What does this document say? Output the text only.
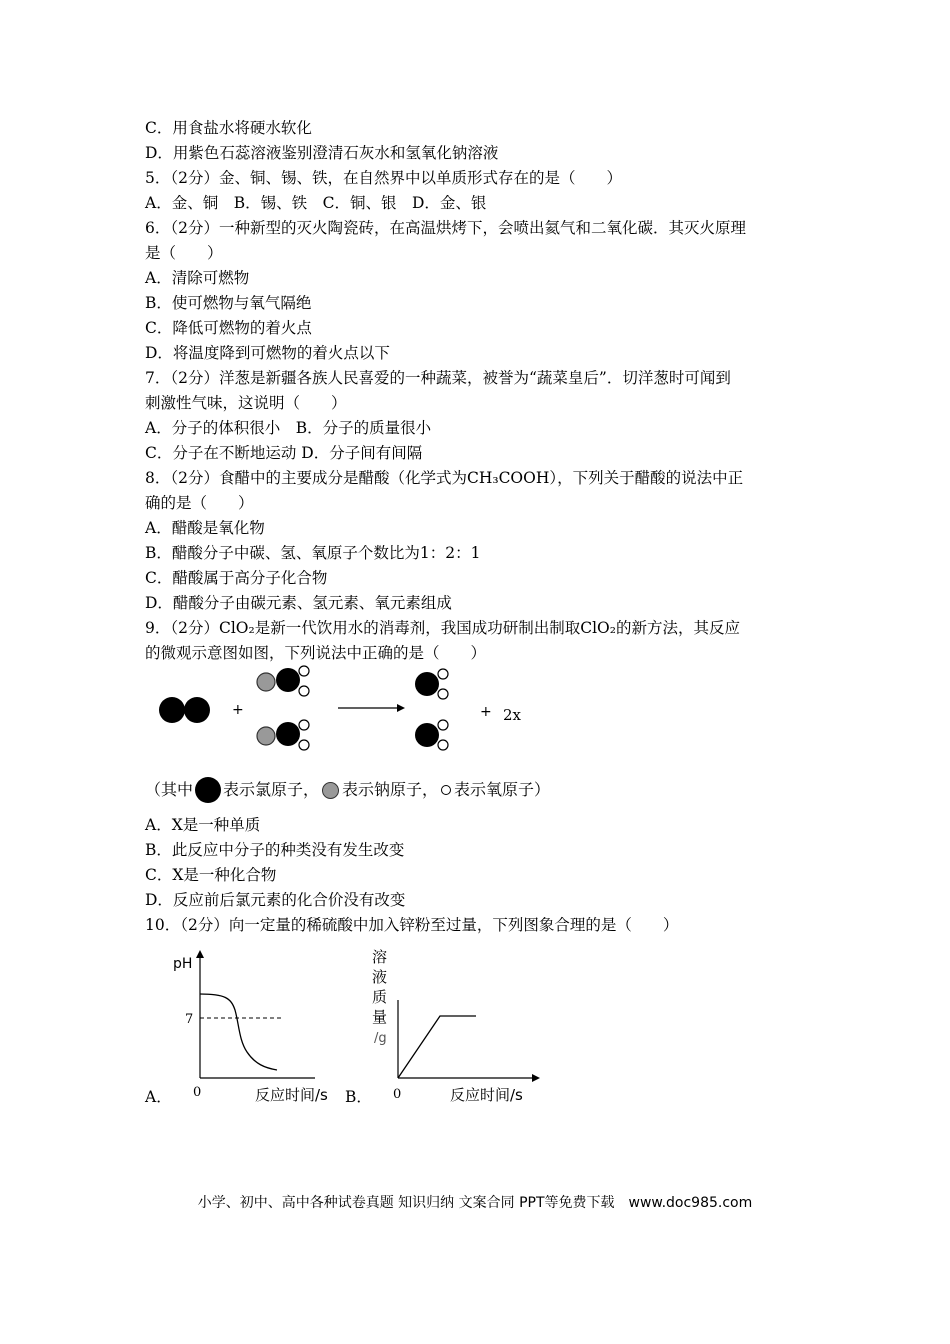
C．用食盐水将硬水软化
D．用紫色石蕊溶液鉴别澄清石灰水和氢氧化钠溶液
5．（2分）金、铜、锡、铁，在自然界中以单质形式存在的是（　　）
A．金、铜　B．锡、铁　C．铜、银　D．金、银
6．（2分）一种新型的灭火陶瓷砖，在高温烘烤下，会喷出氦气和二氧化碳．其灭火原理
是（　　）
A．清除可燃物
B．使可燃物与氧气隔绝
C．降低可燃物的着火点
D．将温度降到可燃物的着火点以下
7．（2分）洋葱是新疆各族人民喜爱的一种蔬菜，被誉为“蔬菜皇后”．切洋葱时可闻到
刺激性气味，这说明（　　）
A．分子的体积很小　B．分子的质量很小
C．分子在不断地运动 D．分子间有间隔
8．（2分）食醋中的主要成分是醋酸（化学式为CH₃COOH），下列关于醋酸的说法中正
确的是（　　）
A．醋酸是氧化物
B．醋酸分子中碳、氢、氧原子个数比为1：2：1
C．醋酸属于高分子化合物
D．醋酸分子由碳元素、氢元素、氧元素组成
9．（2分）ClO₂是新一代饮用水的消毒剂，我国成功研制出制取ClO₂的新方法，其反应
的微观示意图如图，下列说法中正确的是（　　）
+	+ 2x
（其中 表示氯原子， 表示钠原子， 表示氧原子）
A．X是一种单质
B．此反应中分子的种类没有发生改变
C．X是一种化合物
D．反应前后氯元素的化合价没有改变
10．（2分）向一定量的稀硫酸中加入锌粉至过量，下列图象合理的是（　　）
A．
pH
7
0	反应时间/s B．
溶
液
质
量
/g
0	反应时间/s
小学、初中、高中各种试卷真题 知识归纳 文案合同 PPT等免费下载　www.doc985.com
